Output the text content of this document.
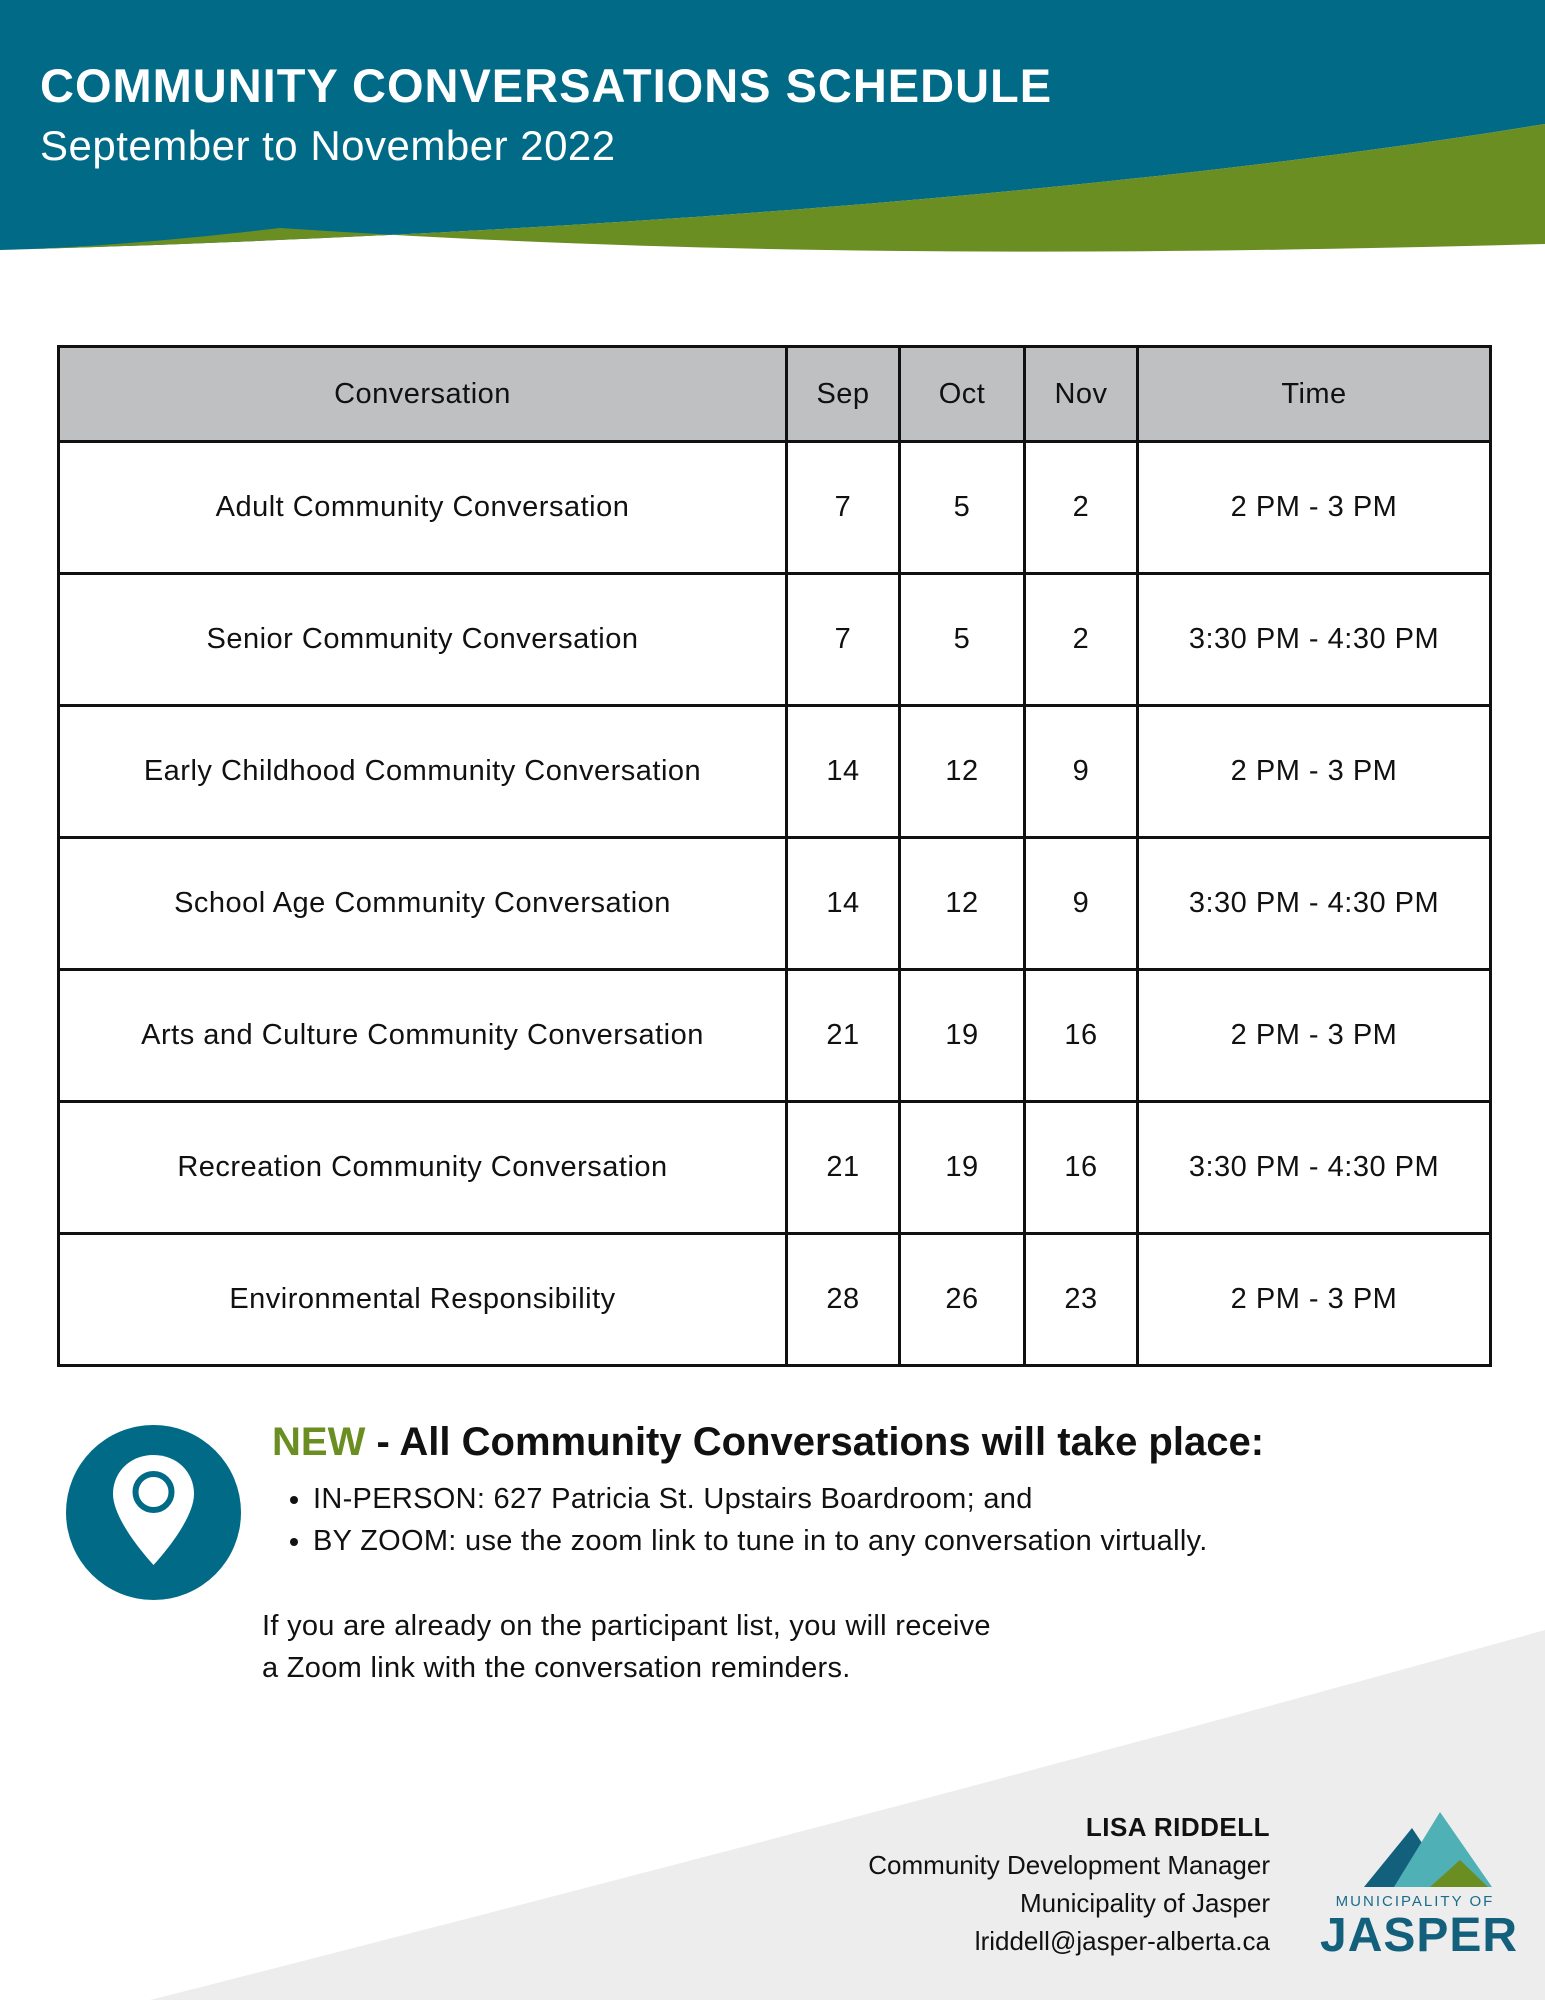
COMMUNITY CONVERSATIONS SCHEDULE
September to November 2022
Conversation	Sep	Oct	Nov	Time
Adult Community Conversation	7	5	2	2 PM - 3 PM
Senior Community Conversation	7	5	2	3:30 PM - 4:30 PM
Early Childhood Community Conversation	14	12	9	2 PM - 3 PM
School Age Community Conversation	14	12	9	3:30 PM - 4:30 PM
Arts and Culture Community Conversation	21	19	16	2 PM - 3 PM
Recreation Community Conversation	21	19	16	3:30 PM - 4:30 PM
Environmental Responsibility	28	26	23	2 PM - 3 PM
NEW - All Community Conversations will take place:
• IN-PERSON: 627 Patricia St. Upstairs Boardroom; and
• BY ZOOM: use the zoom link to tune in to any conversation virtually.
If you are already on the participant list, you will receive
a Zoom link with the conversation reminders.
LISA RIDDELL
Community Development Manager
Municipality of Jasper
lriddell@jasper-alberta.ca
MUNICIPALITY OF
JASPER
